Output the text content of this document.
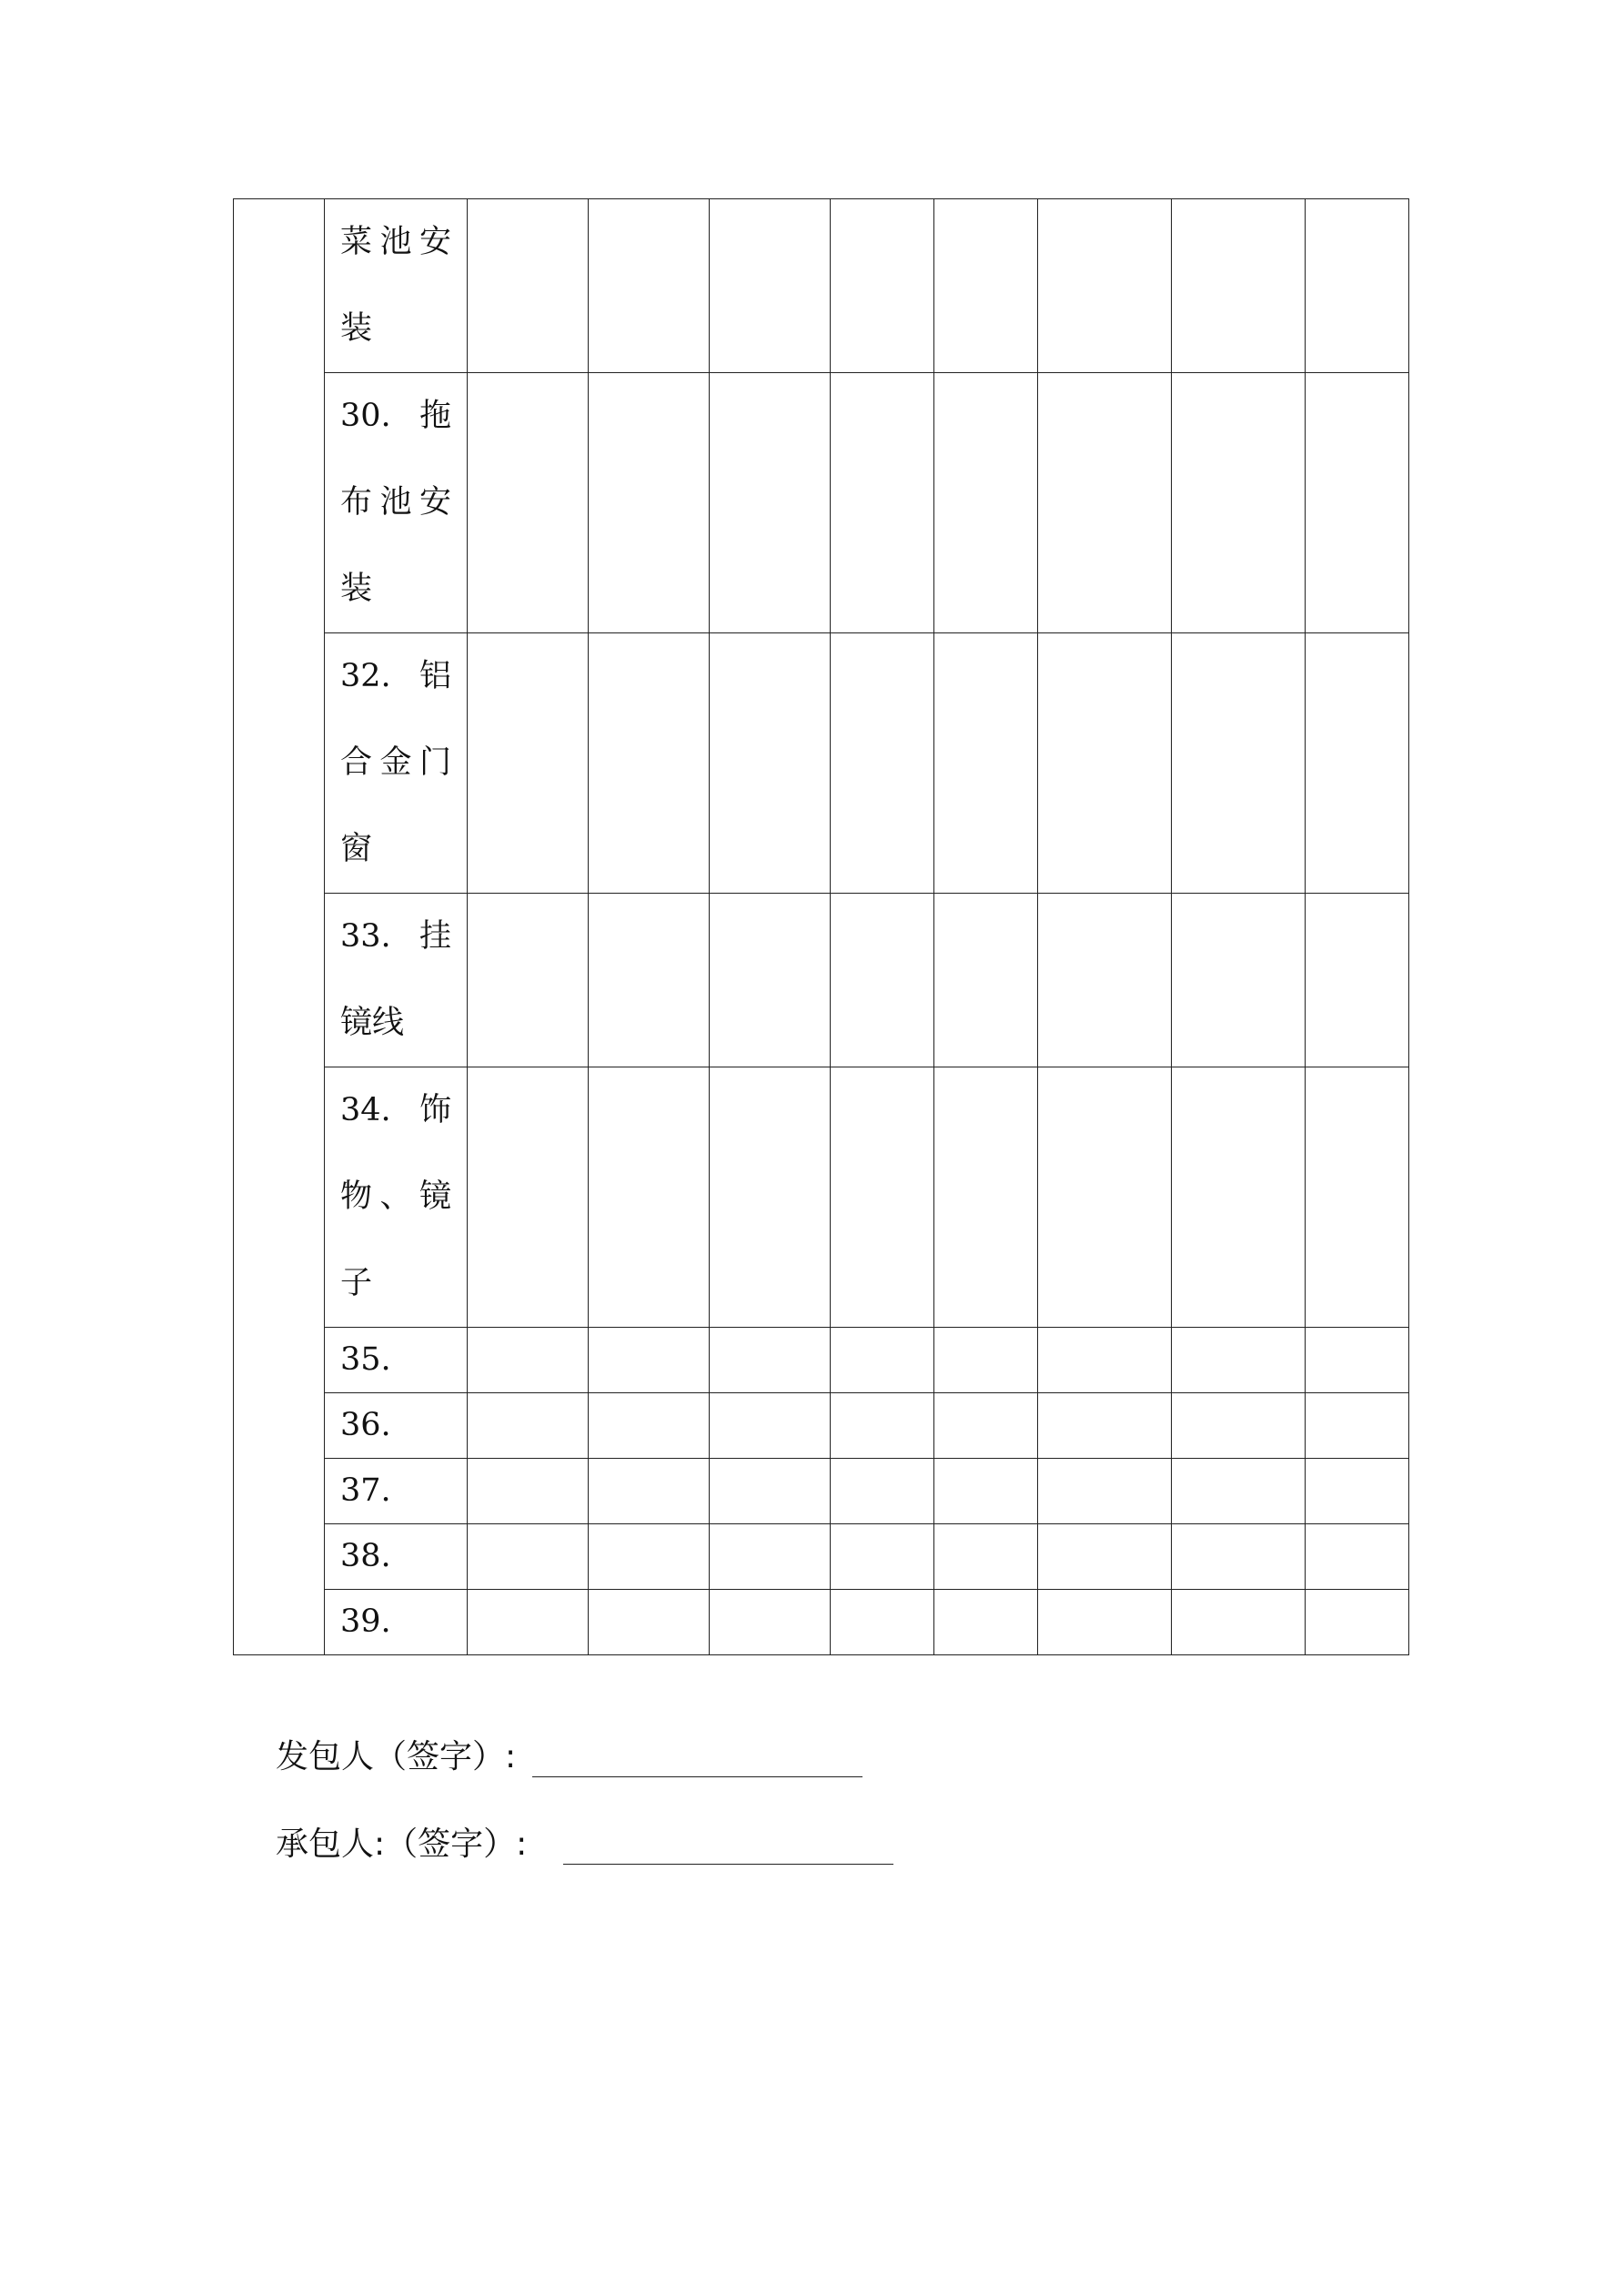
	菜池安装								

	30. 拖布池安装								

	32. 铝合金门窗								

	33. 挂镜线								

	34. 饰物、镜子								

	35.								

	36.								

	37.								

	38.								

	39.								

发包人（签字）:
承包人:（签字）:
